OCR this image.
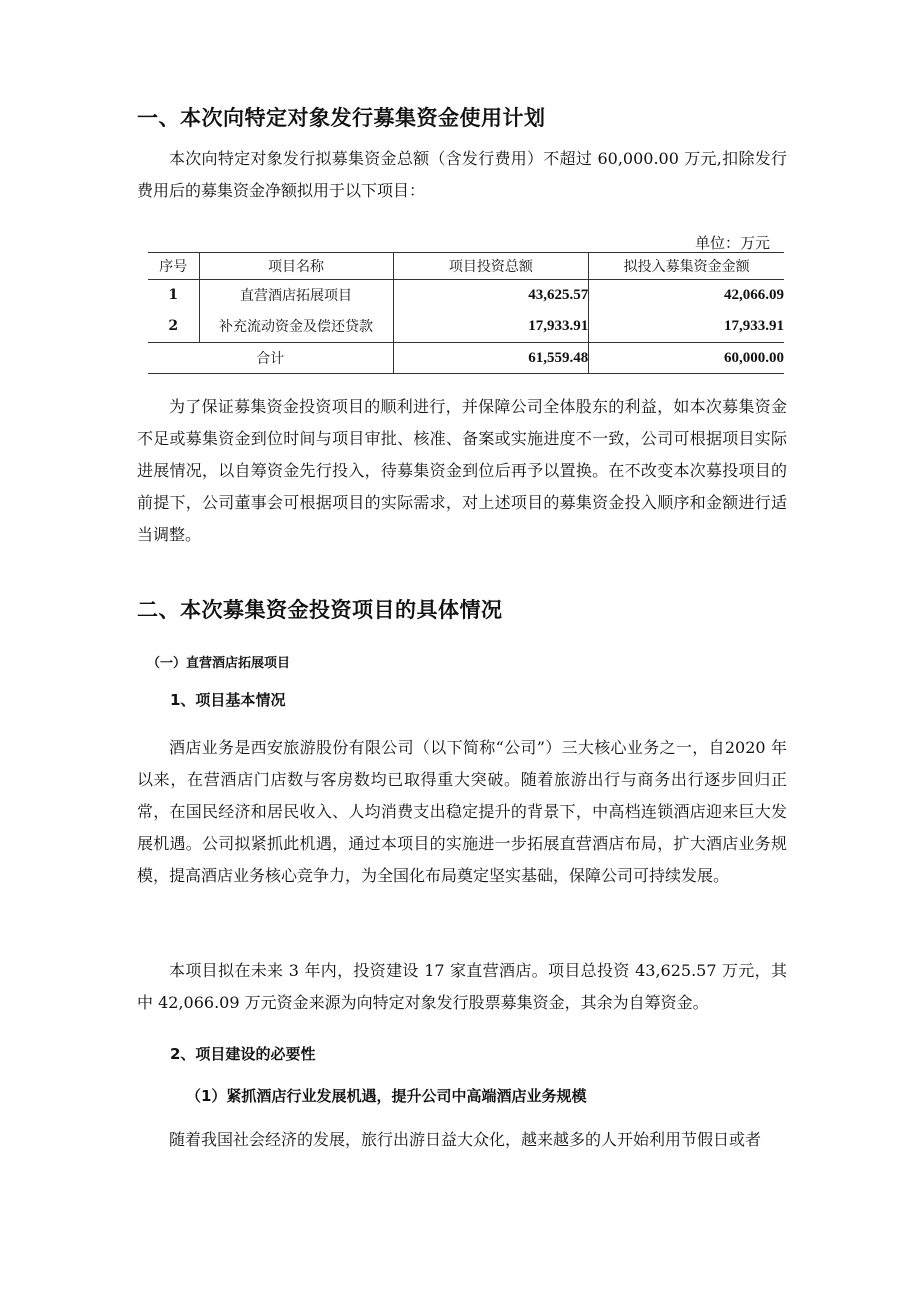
一、本次向特定对象发行募集资金使用计划

本次向特定对象发行拟募集资金总额（含发行费用）不超过 60,000.00 万元,扣除发行费用后的募集资金净额拟用于以下项目：

单位：万元
序号	项目名称	项目投资总额	拟投入募集资金金额
1	直营酒店拓展项目	43,625.57	42,066.09
2	补充流动资金及偿还贷款	17,933.91	17,933.91
合计		61,559.48	60,000.00

为了保证募集资金投资项目的顺利进行，并保障公司全体股东的利益，如本次募集资金不足或募集资金到位时间与项目审批、核准、备案或实施进度不一致，公司可根据项目实际进展情况，以自筹资金先行投入，待募集资金到位后再予以置换。在不改变本次募投项目的前提下，公司董事会可根据项目的实际需求，对上述项目的募集资金投入顺序和金额进行适当调整。

二、本次募集资金投资项目的具体情况
（一）直营酒店拓展项目
1、项目基本情况

酒店业务是西安旅游股份有限公司（以下简称“公司”）三大核心业务之一，自2020 年以来，在营酒店门店数与客房数均已取得重大突破。随着旅游出行与商务出行逐步回归正常，在国民经济和居民收入、人均消费支出稳定提升的背景下，中高档连锁酒店迎来巨大发展机遇。公司拟紧抓此机遇，通过本项目的实施进一步拓展直营酒店布局，扩大酒店业务规模，提高酒店业务核心竞争力，为全国化布局奠定坚实基础，保障公司可持续发展。

本项目拟在未来 3 年内，投资建设 17 家直营酒店。项目总投资 43,625.57 万元，其中 42,066.09 万元资金来源为向特定对象发行股票募集资金，其余为自筹资金。

2、项目建设的必要性
（1）紧抓酒店行业发展机遇，提升公司中高端酒店业务规模

随着我国社会经济的发展，旅行出游日益大众化，越来越多的人开始利用节假日或者
